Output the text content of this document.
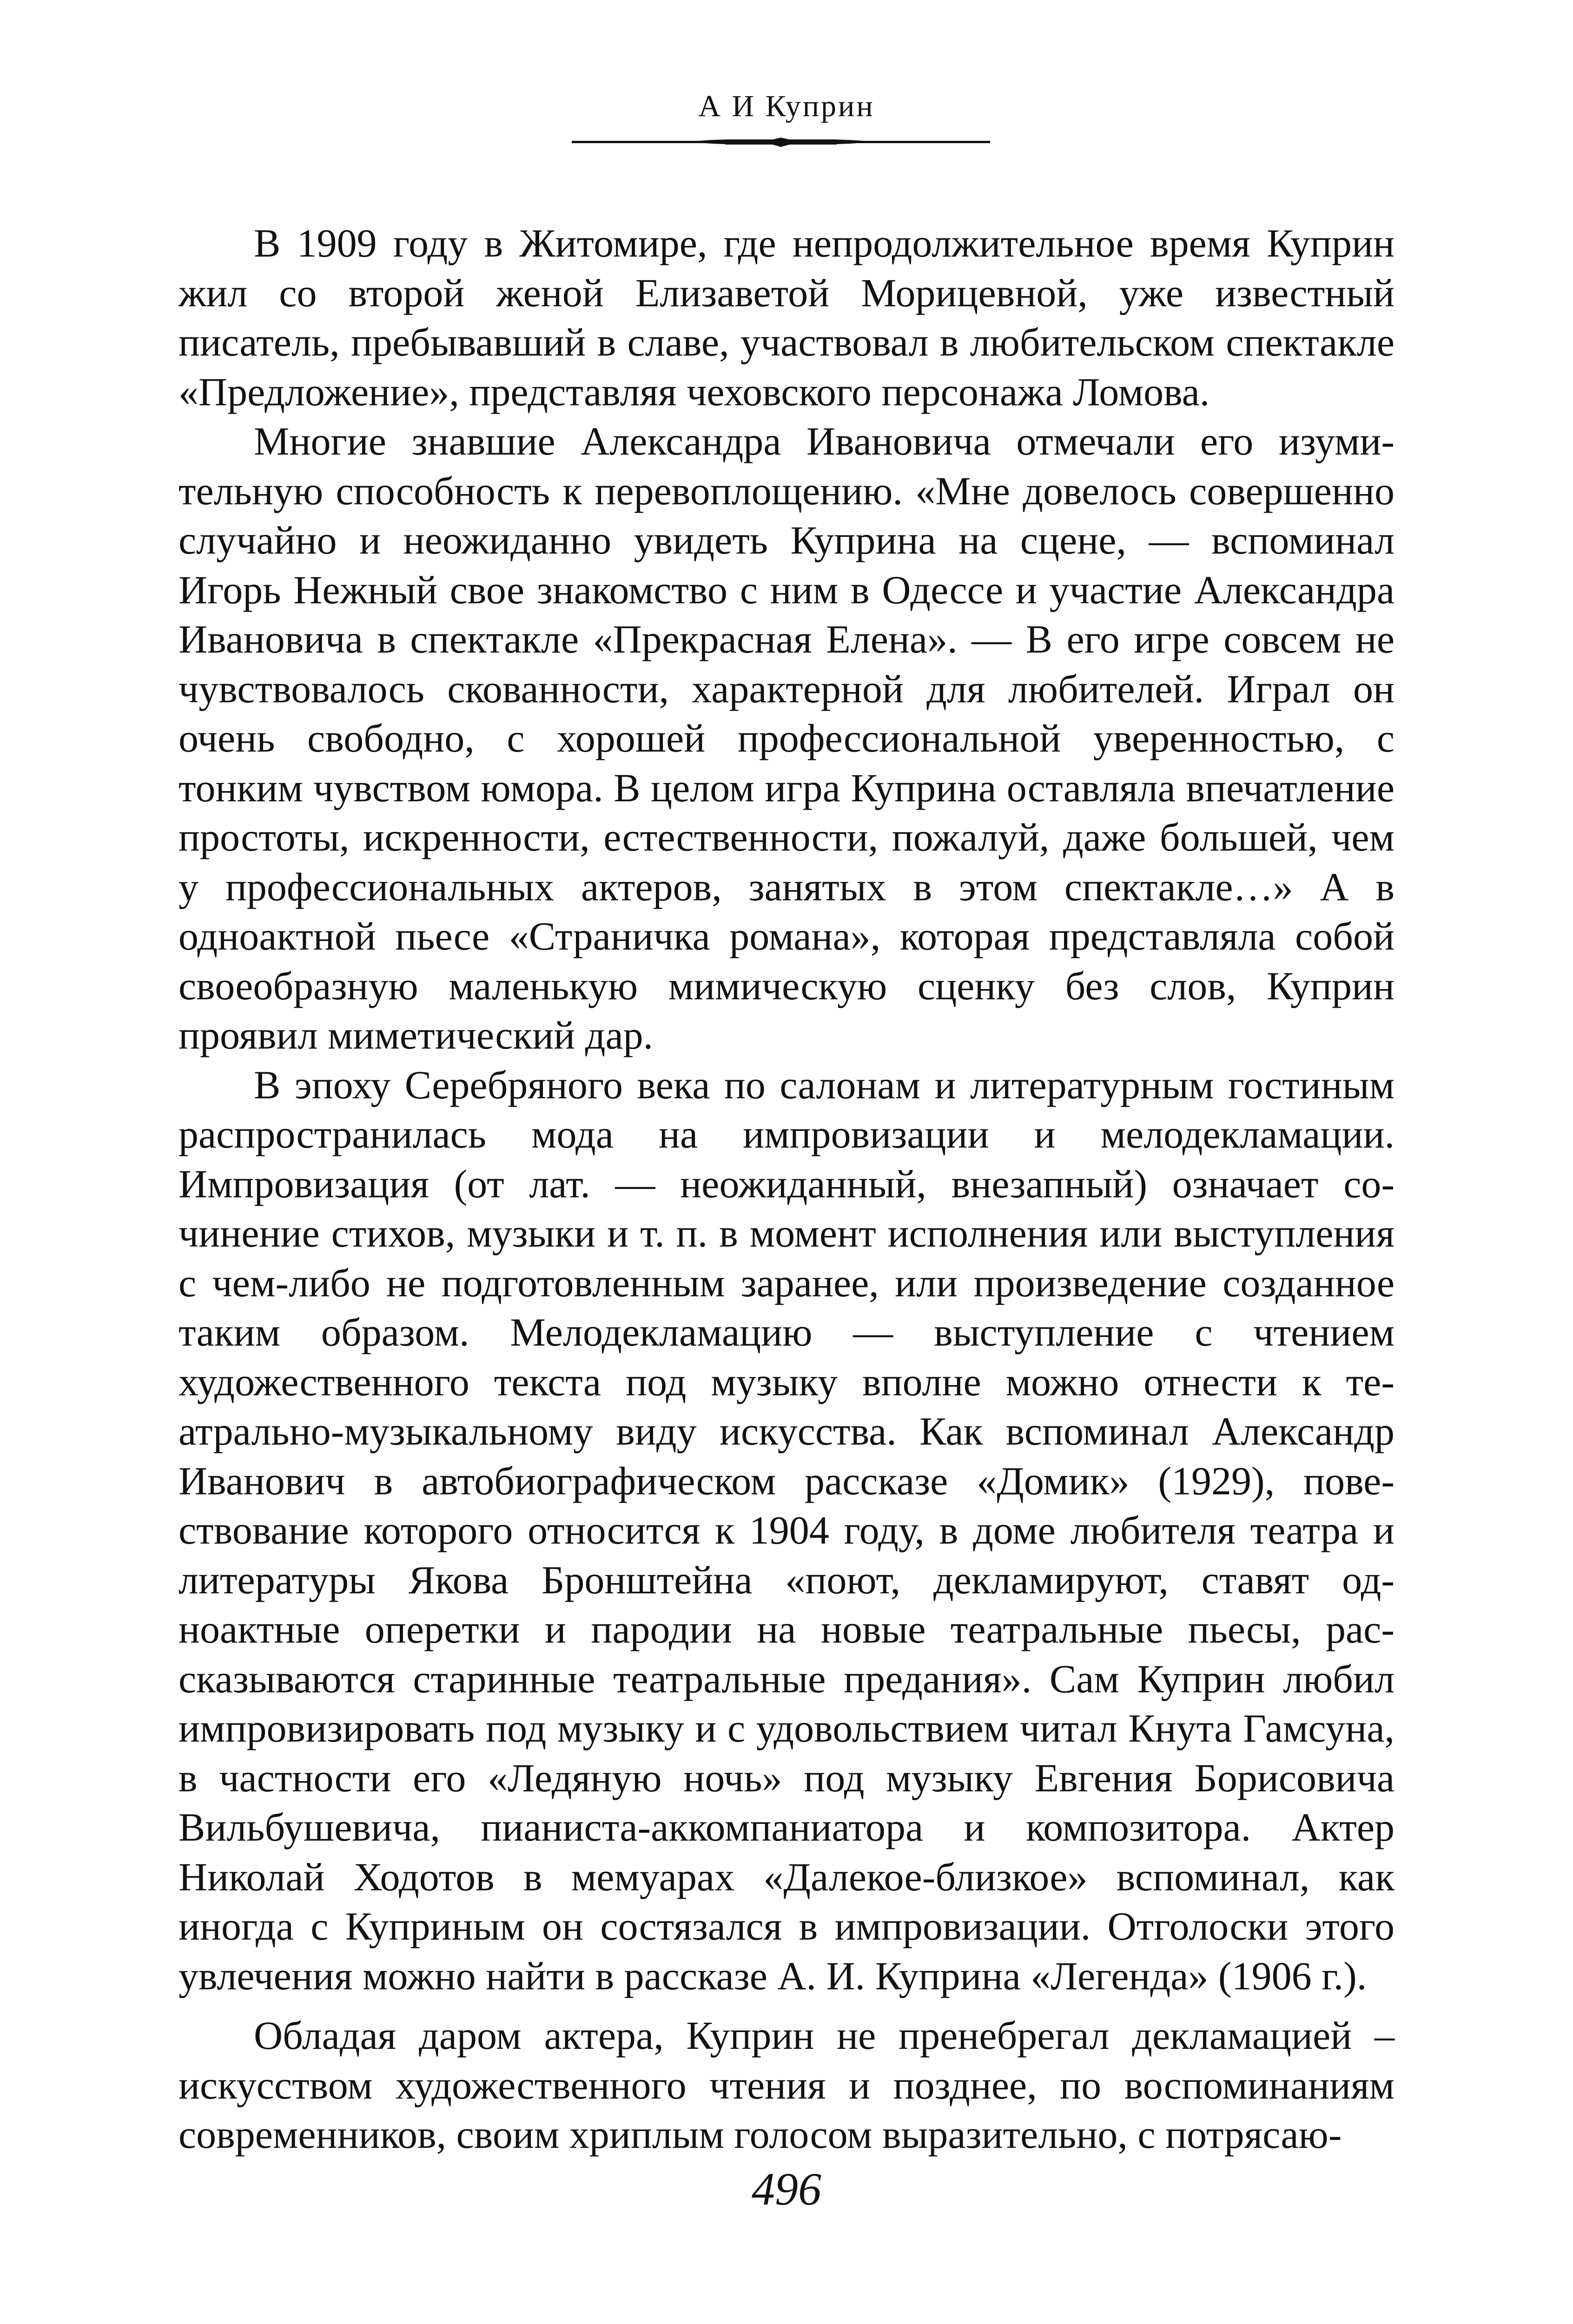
А И Куприн

В 1909 году в Житомире, где непродолжительное время Куприн жил со второй женой Елизаветой Морицевной, уже известный писатель, пребывавший в славе, участвовал в любительском спектакле «Предложение», представляя чеховского персонажа Ломова.

Многие знавшие Александра Ивановича отмечали его изумительную способность к перевоплощению. «Мне довелось совершенно случайно и неожиданно увидеть Куприна на сцене, — вспоминал Игорь Нежный свое знакомство с ним в Одессе и участие Александра Ивановича в спектакле «Прекрасная Елена». — В его игре совсем не чувствовалось скованности, характерной для любителей. Играл он очень свободно, с хорошей профессиональной уверенностью, с тонким чувством юмора. В целом игра Куприна оставляла впечатление простоты, искренности, естественности, пожалуй, даже большей, чем у профессиональных актеров, занятых в этом спектакле…» А в одноактной пьесе «Страничка романа», которая представляла собой своеобразную маленькую мимическую сценку без слов, Куприн проявил миметический дар.

В эпоху Серебряного века по салонам и литературным гостиным распространилась мода на импровизации и мелодекламации. Импровизация (от лат. — неожиданный, внезапный) означает сочинение стихов, музыки и т. п. в момент исполнения или выступления с чем-либо не подготовленным заранее, или произведение созданное таким образом. Мелодекламацию — выступление с чтением художественного текста под музыку вполне можно отнести к театрально-музыкальному виду искусства. Как вспоминал Александр Иванович в автобиографическом рассказе «Домик» (1929), повествование которого относится к 1904 году, в доме любителя театра и литературы Якова Бронштейна «поют, декламируют, ставят одноактные оперетки и пародии на новые театральные пьесы, рассказываются старинные театральные предания». Сам Куприн любил импровизировать под музыку и с удовольствием читал Кнута Гамсуна, в частности его «Ледяную ночь» под музыку Евгения Борисовича Вильбушевича, пианиста-аккомпаниатора и композитора. Актер Николай Ходотов в мемуарах «Далекое-близкое» вспоминал, как иногда с Куприным он состязался в импровизации. Отголоски этого увлечения можно найти в рассказе А. И. Куприна «Легенда» (1906 г.).

Обладая даром актера, Куприн не пренебрегал декламацией – искусством художественного чтения и позднее, по воспоминаниям современников, своим хриплым голосом выразительно, с потрясаю-

496
